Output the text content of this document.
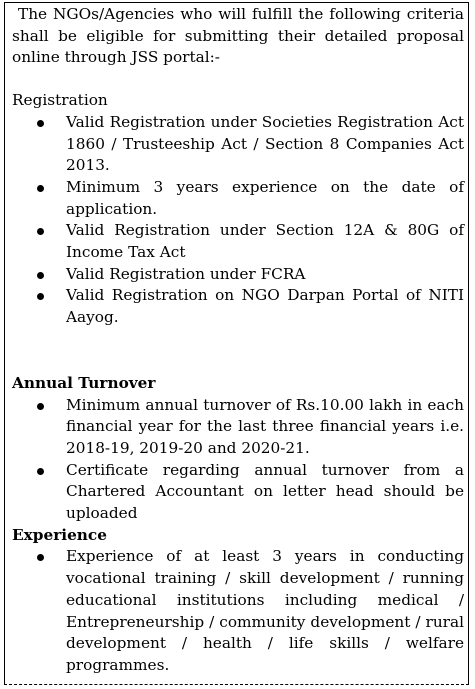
The NGOs/Agencies who will fulfill the following criteria shall be eligible for submitting their detailed proposal online through JSS portal:-

Registration
Valid Registration under Societies Registration Act 1860 / Trusteeship Act / Section 8 Companies Act 2013.
Minimum 3 years experience on the date of application.
Valid Registration under Section 12A & 80G of Income Tax Act
Valid Registration under FCRA
Valid Registration on NGO Darpan Portal of NITI Aayog.
Annual Turnover
Minimum annual turnover of Rs.10.00 lakh in each financial year for the last three financial years i.e. 2018-19, 2019-20 and 2020-21.
Certificate regarding annual turnover from a Chartered Accountant on letter head should be uploaded
Experience
Experience of at least 3 years in conducting vocational training / skill development / running educational institutions including medical / Entrepreneurship / community development / rural development / health / life skills / welfare programmes.
